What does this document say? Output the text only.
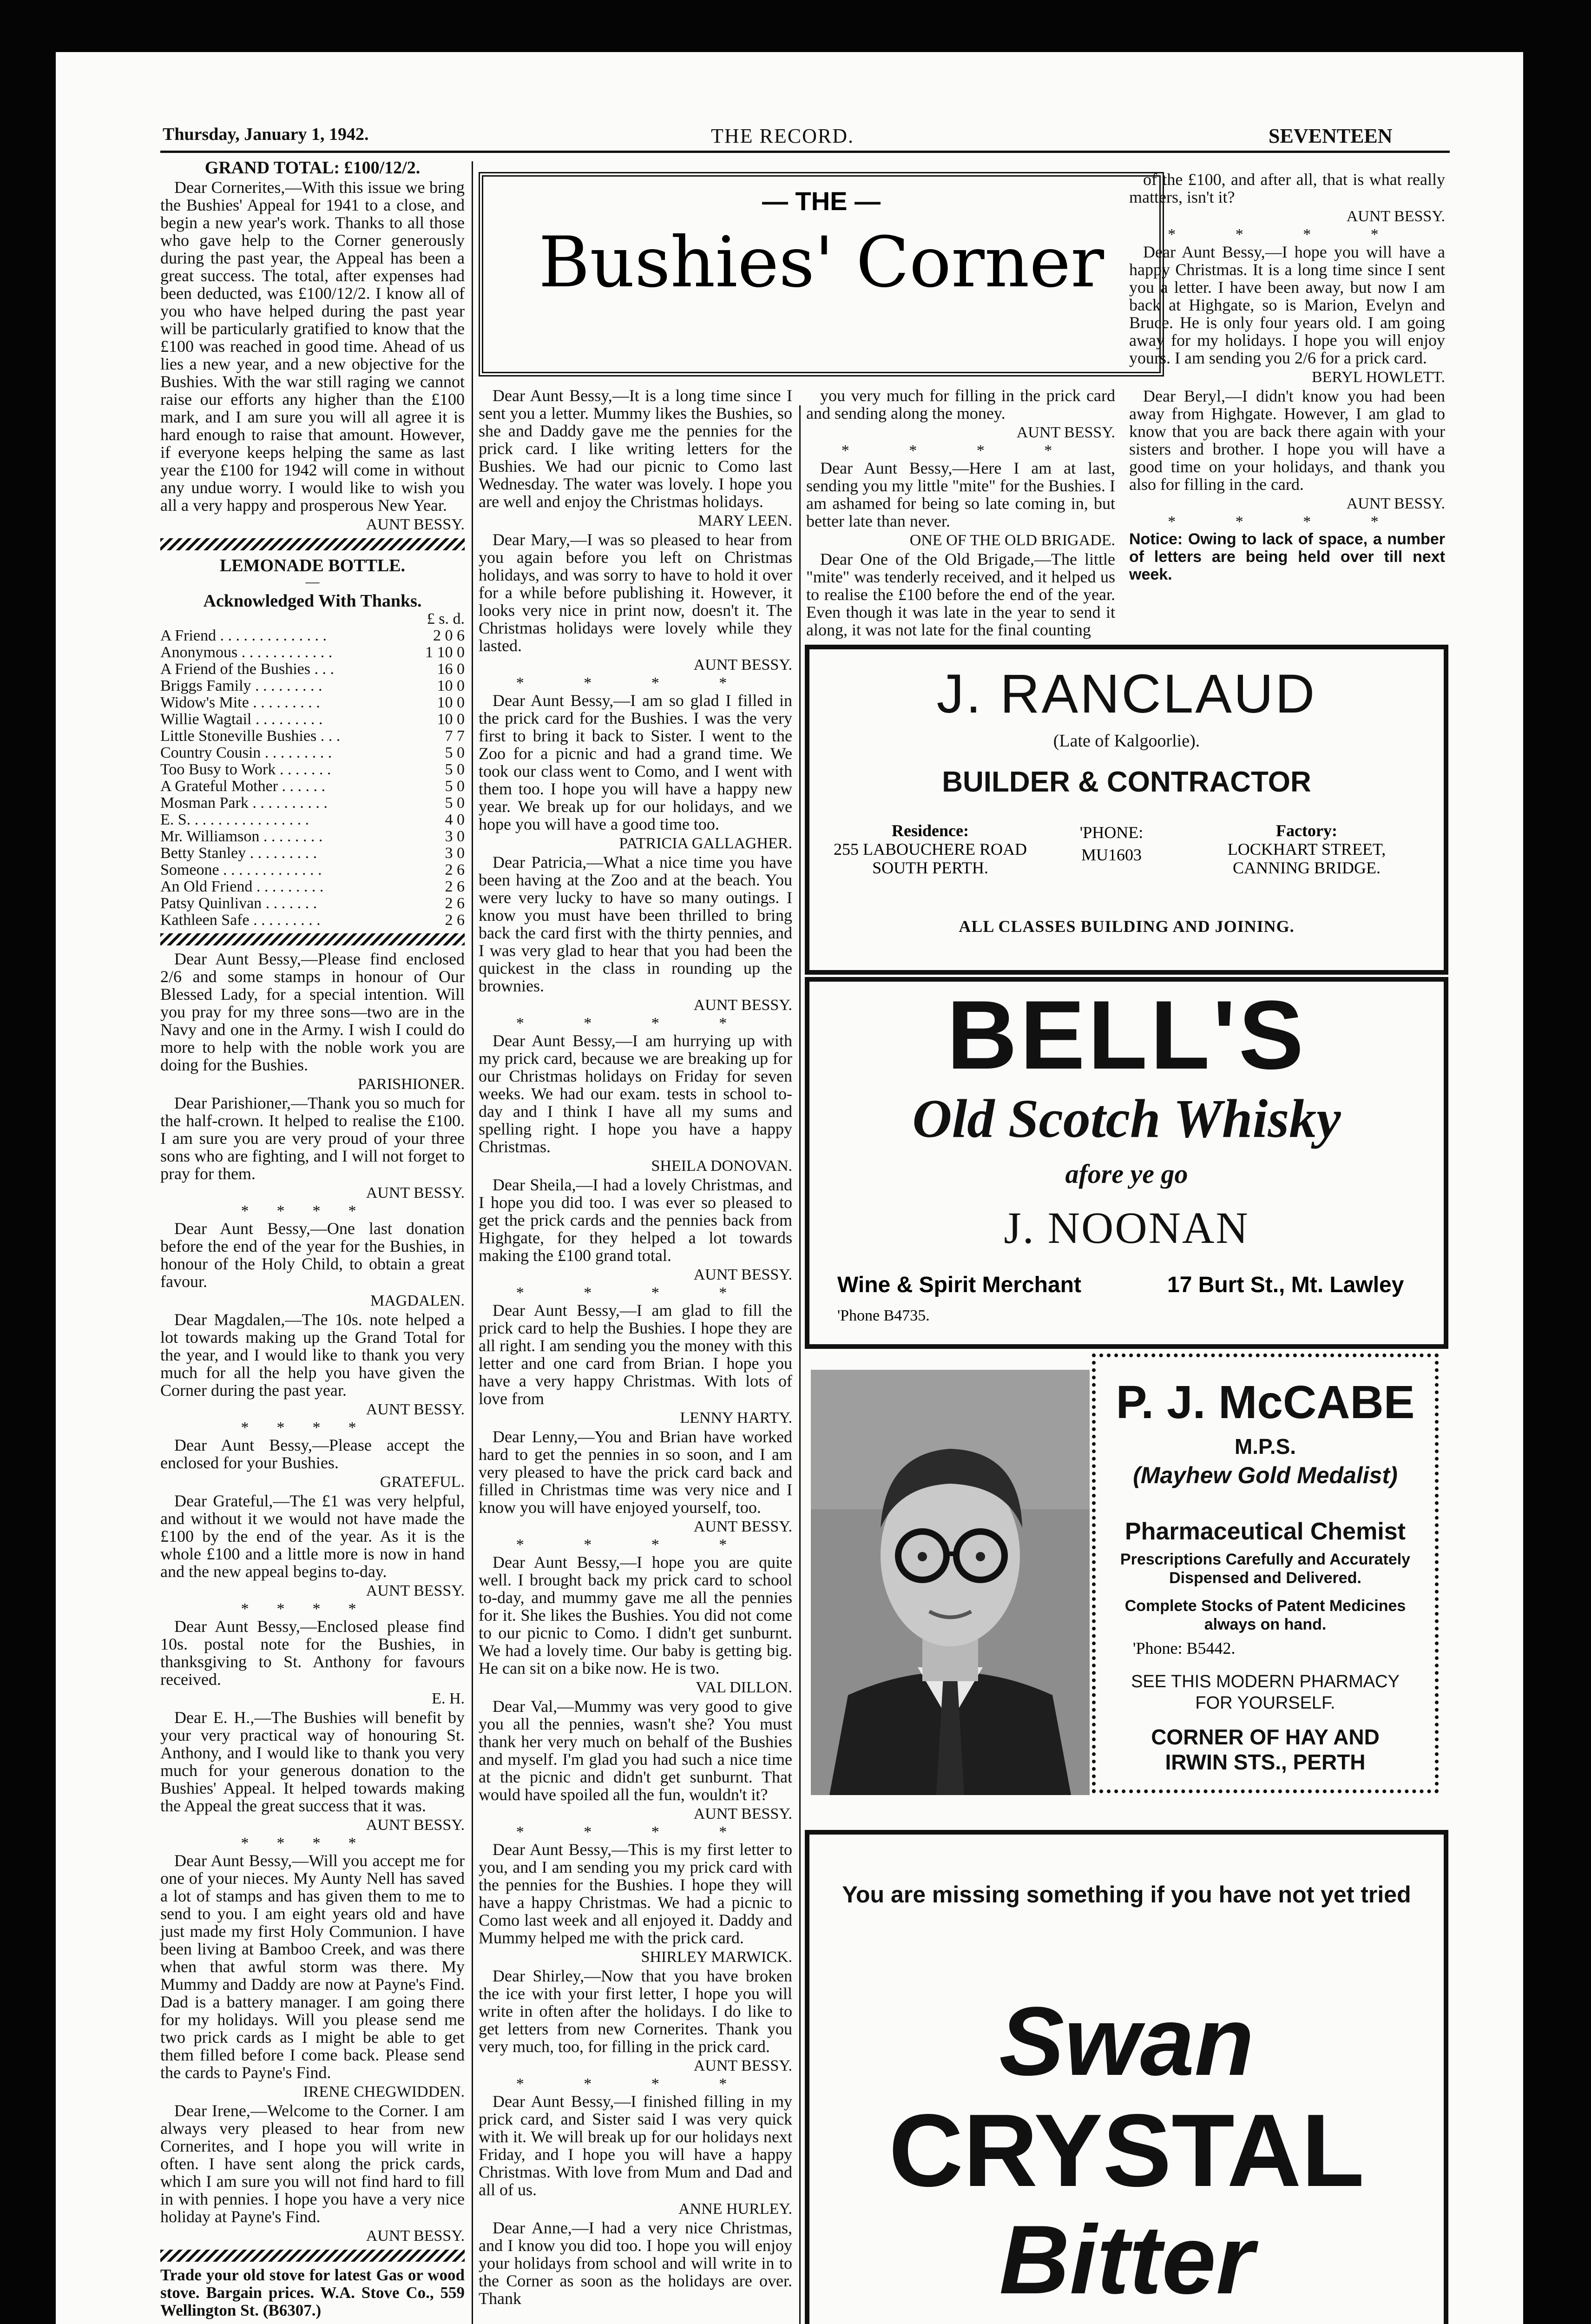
Thursday, January 1, 1942.	THE RECORD.	SEVENTEEN
GRAND TOTAL: £100/12/2.

Dear Cornerites,—With this issue we bring the Bushies' Appeal for 1941 to a close, and begin a new year's work. Thanks to all those who gave help to the Corner generously during the past year, the Appeal has been a great success. The total, after expenses had been deducted, was £100/12/2. I know all of you who have helped during the past year will be particularly gratified to know that the £100 was reached in good time. Ahead of us lies a new year, and a new objective for the Bushies. With the war still raging we cannot raise our efforts any higher than the £100 mark, and I am sure you will all agree it is hard enough to raise that amount. However, if everyone keeps helping the same as last year the £100 for 1942 will come in without any undue worry. I would like to wish you all a very happy and prosperous New Year.

AUNT BESSY.
LEMONADE BOTTLE.
—
Acknowledged With Thanks.
£ s. d.
A Friend . . . . . . . . . . . . . .	2 0 6
Anonymous . . . . . . . . . . . .	1 10 0
A Friend of the Bushies . . .	16 0
Briggs Family . . . . . . . . .	10 0
Widow's Mite . . . . . . . . .	10 0
Willie Wagtail . . . . . . . . .	10 0
Little Stoneville Bushies . . .	7 7
Country Cousin . . . . . . . . .	5 0
Too Busy to Work . . . . . . .	5 0
A Grateful Mother . . . . . .	5 0
Mosman Park . . . . . . . . . .	5 0
E. S. . . . . . . . . . . . . . . .	4 0
Mr. Williamson . . . . . . . .	3 0
Betty Stanley . . . . . . . . .	3 0
Someone . . . . . . . . . . . . .	2 6
An Old Friend . . . . . . . . .	2 6
Patsy Quinlivan . . . . . . .	2 6
Kathleen Safe . . . . . . . . .	2 6

Dear Aunt Bessy,—Please find enclosed 2/6 and some stamps in honour of Our Blessed Lady, for a special intention. Will you pray for my three sons—two are in the Navy and one in the Army. I wish I could do more to help with the noble work you are doing for the Bushies.

PARISHIONER.

Dear Parishioner,—Thank you so much for the half-crown. It helped to realise the £100. I am sure you are very proud of your three sons who are fighting, and I will not forget to pray for them.

AUNT BESSY.
****

Dear Aunt Bessy,—One last donation before the end of the year for the Bushies, in honour of the Holy Child, to obtain a great favour.

MAGDALEN.

Dear Magdalen,—The 10s. note helped a lot towards making up the Grand Total for the year, and I would like to thank you very much for all the help you have given the Corner during the past year.

AUNT BESSY.
****

Dear Aunt Bessy,—Please accept the enclosed for your Bushies.

GRATEFUL.

Dear Grateful,—The £1 was very helpful, and without it we would not have made the £100 by the end of the year. As it is the whole £100 and a little more is now in hand and the new appeal begins to-day.

AUNT BESSY.
****

Dear Aunt Bessy,—Enclosed please find 10s. postal note for the Bushies, in thanksgiving to St. Anthony for favours received.

E. H.

Dear E. H.,—The Bushies will benefit by your very practical way of honouring St. Anthony, and I would like to thank you very much for your generous donation to the Bushies' Appeal. It helped towards making the Appeal the great success that it was.

AUNT BESSY.
****

Dear Aunt Bessy,—Will you accept me for one of your nieces. My Aunty Nell has saved a lot of stamps and has given them to me to send to you. I am eight years old and have just made my first Holy Communion. I have been living at Bamboo Creek, and was there when that awful storm was there. My Mummy and Daddy are now at Payne's Find. Dad is a battery manager. I am going there for my holidays. Will you please send me two prick cards as I might be able to get them filled before I come back. Please send the cards to Payne's Find.

IRENE CHEGWIDDEN.

Dear Irene,—Welcome to the Corner. I am always very pleased to hear from new Cornerites, and I hope you will write in often. I have sent along the prick cards, which I am sure you will not find hard to fill in with pennies. I hope you have a very nice holiday at Payne's Find.

AUNT BESSY.
Trade your old stove for latest Gas or wood stove. Bargain prices. W.A. Stove Co., 559 Wellington St. (B6307.)
— THE —
Bushies' Corner

Dear Aunt Bessy,—It is a long time since I sent you a letter. Mummy likes the Bushies, so she and Daddy gave me the pennies for the prick card. I like writing letters for the Bushies. We had our picnic to Como last Wednesday. The water was lovely. I hope you are well and enjoy the Christmas holidays.

MARY LEEN.

Dear Mary,—I was so pleased to hear from you again before you left on Christmas holidays, and was sorry to have to hold it over for a while before publishing it. However, it looks very nice in print now, doesn't it. The Christmas holidays were lovely while they lasted.

AUNT BESSY.
* * * *

Dear Aunt Bessy,—I am so glad I filled in the prick card for the Bushies. I was the very first to bring it back to Sister. I went to the Zoo for a picnic and had a grand time. We took our class went to Como, and I went with them too. I hope you will have a happy new year. We break up for our holidays, and we hope you will have a good time too.

PATRICIA GALLAGHER.

Dear Patricia,—What a nice time you have been having at the Zoo and at the beach. You were very lucky to have so many outings. I know you must have been thrilled to bring back the card first with the thirty pennies, and I was very glad to hear that you had been the quickest in the class in rounding up the brownies.

AUNT BESSY.
* * * *

Dear Aunt Bessy,—I am hurrying up with my prick card, because we are breaking up for our Christmas holidays on Friday for seven weeks. We had our exam. tests in school to-day and I think I have all my sums and spelling right. I hope you have a happy Christmas.

SHEILA DONOVAN.

Dear Sheila,—I had a lovely Christmas, and I hope you did too. I was ever so pleased to get the prick cards and the pennies back from Highgate, for they helped a lot towards making the £100 grand total.

AUNT BESSY.
* * * *

Dear Aunt Bessy,—I am glad to fill the prick card to help the Bushies. I hope they are all right. I am sending you the money with this letter and one card from Brian. I hope you have a very happy Christmas. With lots of love from

LENNY HARTY.

Dear Lenny,—You and Brian have worked hard to get the pennies in so soon, and I am very pleased to have the prick card back and filled in Christmas time was very nice and I know you will have enjoyed yourself, too.

AUNT BESSY.
* * * *

Dear Aunt Bessy,—I hope you are quite well. I brought back my prick card to school to-day, and mummy gave me all the pennies for it. She likes the Bushies. You did not come to our picnic to Como. I didn't get sunburnt. We had a lovely time. Our baby is getting big. He can sit on a bike now. He is two.

VAL DILLON.

Dear Val,—Mummy was very good to give you all the pennies, wasn't she? You must thank her very much on behalf of the Bushies and myself. I'm glad you had such a nice time at the picnic and didn't get sunburnt. That would have spoiled all the fun, wouldn't it?

AUNT BESSY.
* * * *

Dear Aunt Bessy,—This is my first letter to you, and I am sending you my prick card with the pennies for the Bushies. I hope they will have a happy Christmas. We had a picnic to Como last week and all enjoyed it. Daddy and Mummy helped me with the prick card.

SHIRLEY MARWICK.

Dear Shirley,—Now that you have broken the ice with your first letter, I hope you will write in often after the holidays. I do like to get letters from new Cornerites. Thank you very much, too, for filling in the prick card.

AUNT BESSY.
* * * *

Dear Aunt Bessy,—I finished filling in my prick card, and Sister said I was very quick with it. We will break up for our holidays next Friday, and I hope you will have a happy Christmas. With love from Mum and Dad and all of us.

ANNE HURLEY.

Dear Anne,—I had a very nice Christmas, and I know you did too. I hope you will enjoy your holidays from school and will write in to the Corner as soon as the holidays are over. Thank

you very much for filling in the prick card and sending along the money.

AUNT BESSY.
* * * *

Dear Aunt Bessy,—Here I am at last, sending you my little "mite" for the Bushies. I am ashamed for being so late coming in, but better late than never.

ONE OF THE OLD BRIGADE.

Dear One of the Old Brigade,—The little "mite" was tenderly received, and it helped us to realise the £100 before the end of the year. Even though it was late in the year to send it along, it was not late for the final counting

of the £100, and after all, that is what really matters, isn't it?

AUNT BESSY.
* * * *

Dear Aunt Bessy,—I hope you will have a happy Christmas. It is a long time since I sent you a letter. I have been away, but now I am back at Highgate, so is Marion, Evelyn and Bruce. He is only four years old. I am going away for my holidays. I hope you will enjoy yours. I am sending you 2/6 for a prick card.

BERYL HOWLETT.

Dear Beryl,—I didn't know you had been away from Highgate. However, I am glad to know that you are back there again with your sisters and brother. I hope you will have a good time on your holidays, and thank you also for filling in the card.

AUNT BESSY.
* * * *
Notice: Owing to lack of space, a number of letters are being held over till next week.
J. RANCLAUD
(Late of Kalgoorlie).
BUILDER & CONTRACTOR
Residence:
255 LABOUCHERE ROAD
SOUTH PERTH.
'PHONE:
MU1603
Factory:
LOCKHART STREET,
CANNING BRIDGE.
ALL CLASSES BUILDING AND JOINING.
BELL'S
Old Scotch Whisky
afore ye go
J. NOONAN
Wine & Spirit Merchant	17 Burt St., Mt. Lawley
'Phone B4735.
P. J. McCABE
M.P.S.
(Mayhew Gold Medalist)
Pharmaceutical Chemist
Prescriptions Carefully and Accurately Dispensed and Delivered.
Complete Stocks of Patent Medicines always on hand.
'Phone: B5442.
SEE THIS MODERN PHARMACY FOR YOURSELF.
CORNER OF HAY AND IRWIN STS., PERTH
You are missing something if you have not yet tried
Swan
CRYSTAL
Bitter
